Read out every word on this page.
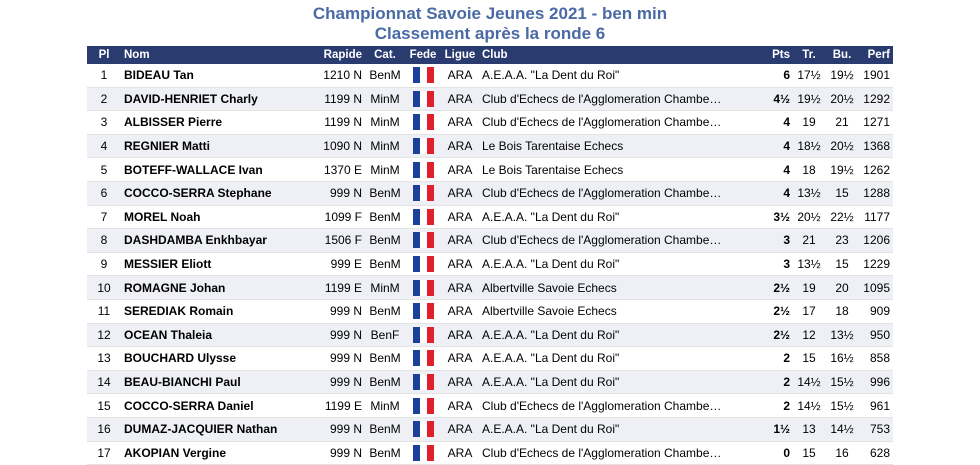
Championnat Savoie Jeunes 2021 - ben min
Classement après la ronde 6
Pl	Nom	Rapide	Cat.	Fede	Ligue	Club	Pts	Tr.	Bu.	Perf
1	BIDEAU Tan	1210 N	BenM		ARA	A.E.A.A. "La Dent du Roi"	6	17½	19½	1901
2	DAVID-HENRIET Charly	1199 N	MinM		ARA	Club d'Echecs de l'Agglomeration Chambe…	4½	19½	20½	1292
3	ALBISSER Pierre	1199 N	MinM		ARA	Club d'Echecs de l'Agglomeration Chambe…	4	19	21	1271
4	REGNIER Matti	1090 N	MinM		ARA	Le Bois Tarentaise Echecs	4	18½	20½	1368
5	BOTEFF-WALLACE Ivan	1370 E	MinM		ARA	Le Bois Tarentaise Echecs	4	18	19½	1262
6	COCCO-SERRA Stephane	999 N	BenM		ARA	Club d'Echecs de l'Agglomeration Chambe…	4	13½	15	1288
7	MOREL Noah	1099 F	BenM		ARA	A.E.A.A. "La Dent du Roi"	3½	20½	22½	1177
8	DASHDAMBA Enkhbayar	1506 F	BenM		ARA	Club d'Echecs de l'Agglomeration Chambe…	3	21	23	1206
9	MESSIER Eliott	999 E	BenM		ARA	A.E.A.A. "La Dent du Roi"	3	13½	15	1229
10	ROMAGNE Johan	1199 E	MinM		ARA	Albertville Savoie Echecs	2½	19	20	1095
11	SEREDIAK Romain	999 N	BenM		ARA	Albertville Savoie Echecs	2½	17	18	909
12	OCEAN Thaleia	999 N	BenF		ARA	A.E.A.A. "La Dent du Roi"	2½	12	13½	950
13	BOUCHARD Ulysse	999 N	BenM		ARA	A.E.A.A. "La Dent du Roi"	2	15	16½	858
14	BEAU-BIANCHI Paul	999 N	BenM		ARA	A.E.A.A. "La Dent du Roi"	2	14½	15½	996
15	COCCO-SERRA Daniel	1199 E	MinM		ARA	Club d'Echecs de l'Agglomeration Chambe…	2	14½	15½	961
16	DUMAZ-JACQUIER Nathan	999 N	BenM		ARA	A.E.A.A. "La Dent du Roi"	1½	13	14½	753
17	AKOPIAN Vergine	999 N	BenM		ARA	Club d'Echecs de l'Agglomeration Chambe…	0	15	16	628
